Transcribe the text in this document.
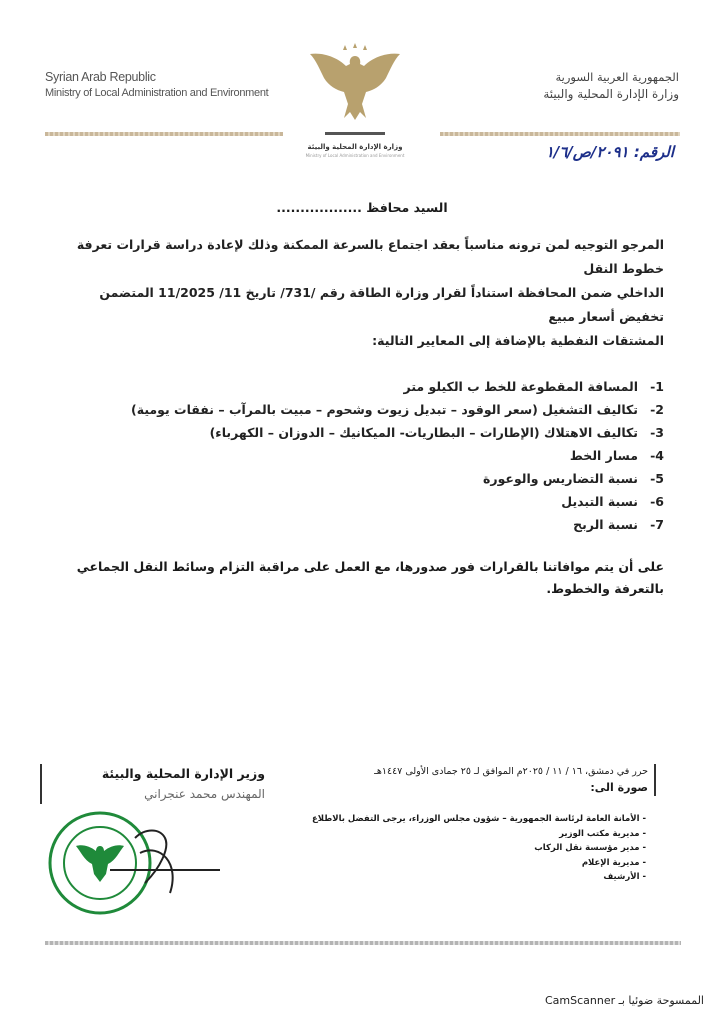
Syrian Arab Republic
Ministry of Local Administration and Environment
وزارة الإدارة المحلية والبيئة
Ministry of Local Administration and Environment
الجمهورية العربية السورية
وزارة الإدارة المحلية والبيئة
الرقم: ٢٠٩١/ص/١/٦
السيد محافظ ..................
المرجو التوجيه لمن ترونه مناسباً بعقد اجتماع بالسرعة الممكنة وذلك لإعادة دراسة قرارات تعرفة خطوط النقل
الداخلي ضمن المحافظة استناداً لقرار وزارة الطاقة رقم /731/ تاريخ 11/ 11/2025 المتضمن تخفيض أسعار مبيع
المشتقات النفطية بالإضافة إلى المعايير التالية:
1-
المسافة المقطوعة للخط ب الكيلو متر
2-
تكاليف التشغيل (سعر الوقود – تبديل زيوت وشحوم – مبيت بالمرآب – نفقات يومية)
3-
تكاليف الاهتلاك (الإطارات – البطاريات- الميكانيك – الدوزان – الكهرباء)
4-
مسار الخط
5-
نسبة التضاريس والوعورة
6-
نسبة التبديل
7-
نسبة الربح
على أن يتم موافاتنا بالقرارات فور صدورها، مع العمل على مراقبة التزام وسائط النقل الجماعي بالتعرفة والخطوط.
حرر في دمشق، ١٦ / ١١ / ٢٠٢٥م الموافق لـ ٢٥ جمادى الأولى ١٤٤٧هـ
صورة الى:
- الأمانة العامة لرئاسة الجمهورية – شؤون مجلس الوزراء، يرجى التفضل بالاطلاع
- مديرية مكتب الوزير
- مدير مؤسسة نقل الركاب
- مديرية الإعلام
- الأرشيف
وزير الإدارة المحلية والبيئة
المهندس محمد عنجراني
الممسوحة ضوئيا بـ CamScanner
